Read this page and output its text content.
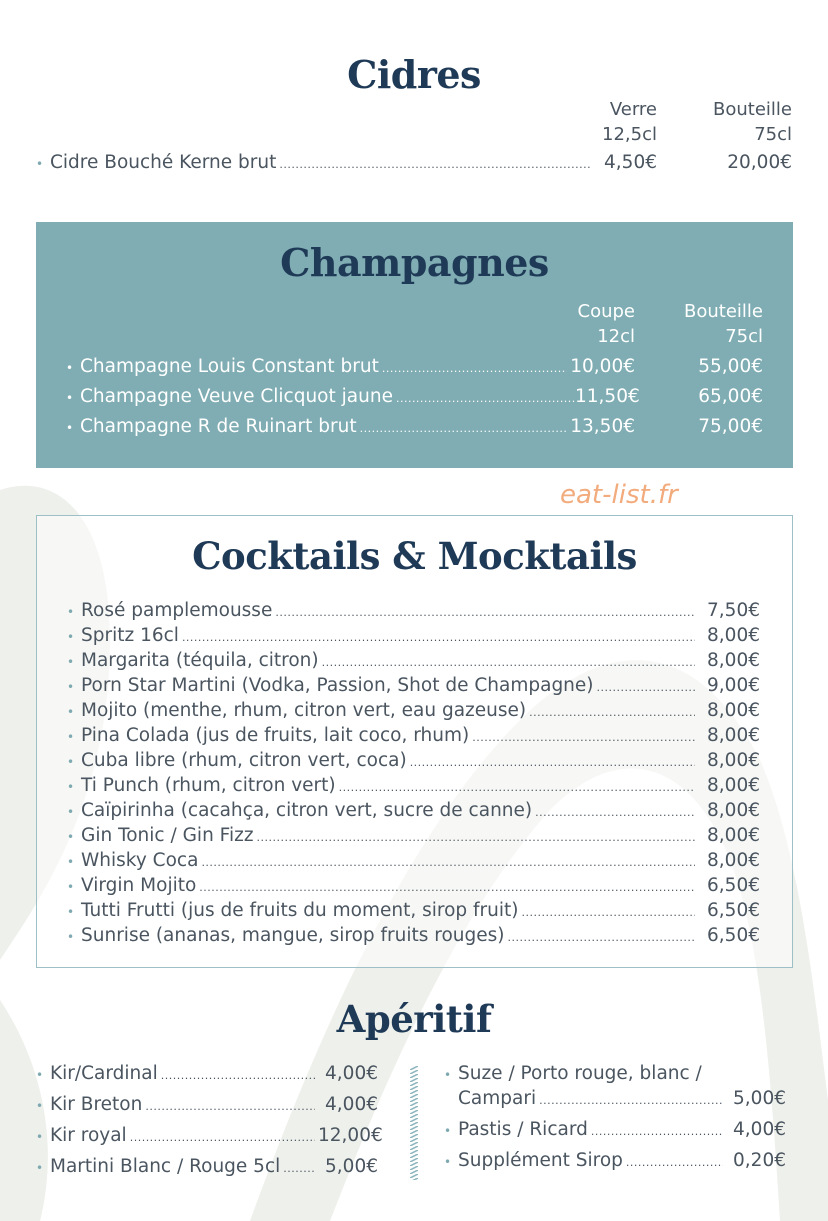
Cidres
Verre
12,5cl
Bouteille
75cl
• Cidre Bouché Kerne brut .....	4,50€	20,00€
Champagnes
Coupe
12cl
Bouteille
75cl
• Champagne Louis Constant brut .....	10,00€	55,00€
• Champagne Veuve Clicquot jaune .....	11,50€	65,00€
• Champagne R de Ruinart brut .....	13,50€	75,00€
eat-list.fr
Cocktails & Mocktails
• Rosé pamplemousse .....	7,50€
• Spritz 16cl .....	8,00€
• Margarita (téquila, citron) .....	8,00€
• Porn Star Martini (Vodka, Passion, Shot de Champagne) .....	9,00€
• Mojito (menthe, rhum, citron vert, eau gazeuse) .....	8,00€
• Pina Colada (jus de fruits, lait coco, rhum) .....	8,00€
• Cuba libre (rhum, citron vert, coca) .....	8,00€
• Ti Punch (rhum, citron vert) .....	8,00€
• Caïpirinha (cacahça, citron vert, sucre de canne) .....	8,00€
• Gin Tonic / Gin Fizz .....	8,00€
• Whisky Coca .....	8,00€
• Virgin Mojito .....	6,50€
• Tutti Frutti (jus de fruits du moment, sirop fruit) .....	6,50€
• Sunrise (ananas, mangue, sirop fruits rouges) .....	6,50€
Apéritif
• Kir/Cardinal .....	4,00€
• Kir Breton .....	4,00€
• Kir royal .....	12,00€
• Martini Blanc / Rouge 5cl .....	5,00€
• Suze / Porto rouge, blanc /
Campari .....	5,00€
• Pastis / Ricard .....	4,00€
• Supplément Sirop .....	0,20€
